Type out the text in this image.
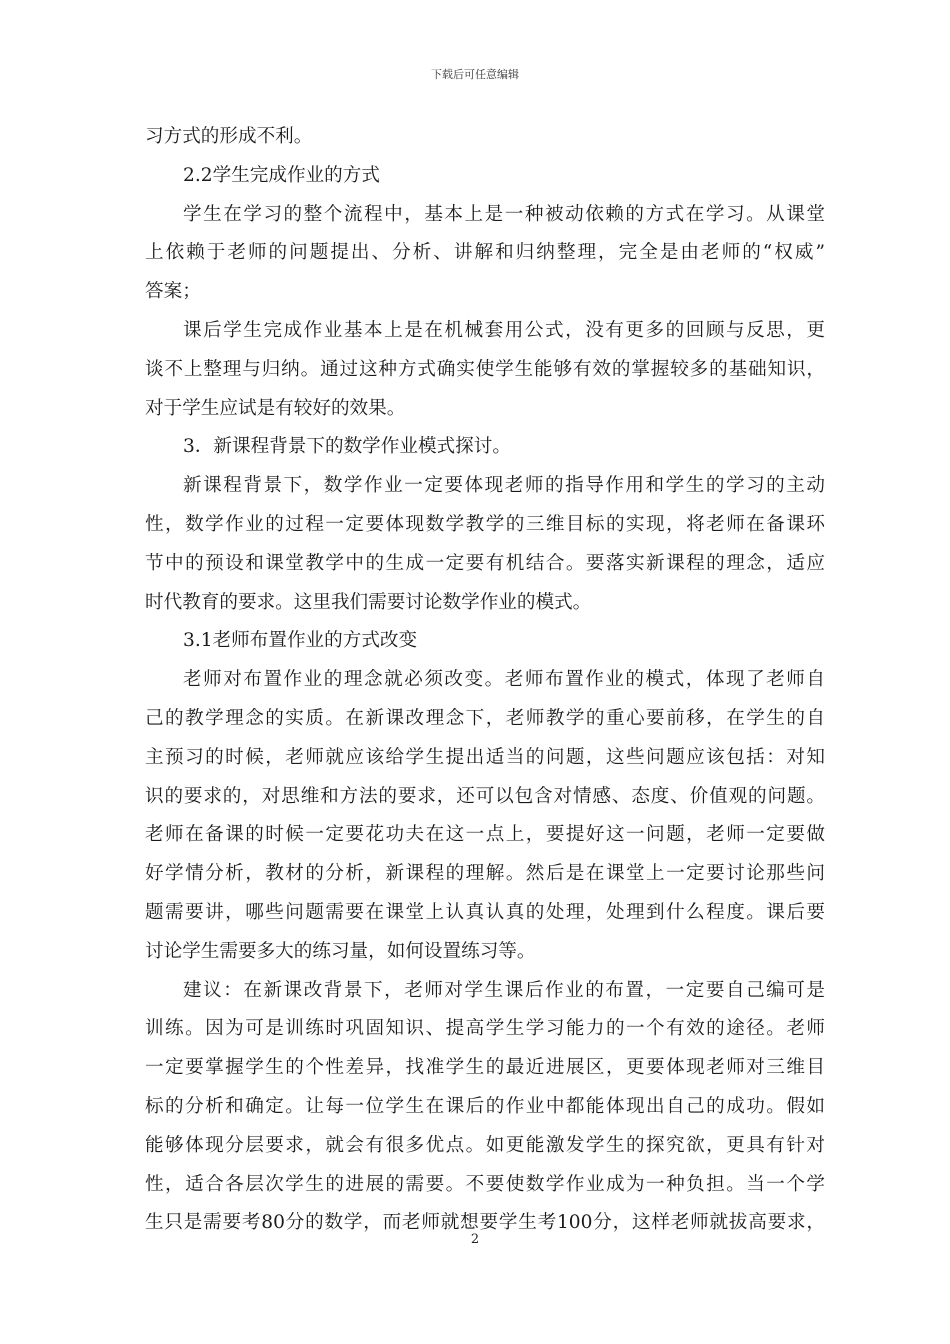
下载后可任意编辑
习方式的形成不利。
2.2学生完成作业的方式
学生在学习的整个流程中，基本上是一种被动依赖的方式在学习。从课堂
上依赖于老师的问题提出、分析、讲解和归纳整理，完全是由老师的“权威”
答案；
课后学生完成作业基本上是在机械套用公式，没有更多的回顾与反思，更
谈不上整理与归纳。通过这种方式确实使学生能够有效的掌握较多的基础知识，
对于学生应试是有较好的效果。
3．新课程背景下的数学作业模式探讨。
新课程背景下，数学作业一定要体现老师的指导作用和学生的学习的主动
性，数学作业的过程一定要体现数学教学的三维目标的实现，将老师在备课环
节中的预设和课堂教学中的生成一定要有机结合。要落实新课程的理念，适应
时代教育的要求。这里我们需要讨论数学作业的模式。
3.1老师布置作业的方式改变
老师对布置作业的理念就必须改变。老师布置作业的模式，体现了老师自
己的教学理念的实质。在新课改理念下，老师教学的重心要前移，在学生的自
主预习的时候，老师就应该给学生提出适当的问题，这些问题应该包括：对知
识的要求的，对思维和方法的要求，还可以包含对情感、态度、价值观的问题。
老师在备课的时候一定要花功夫在这一点上，要提好这一问题，老师一定要做
好学情分析，教材的分析，新课程的理解。然后是在课堂上一定要讨论那些问
题需要讲，哪些问题需要在课堂上认真认真的处理，处理到什么程度。课后要
讨论学生需要多大的练习量，如何设置练习等。
建议：在新课改背景下，老师对学生课后作业的布置，一定要自己编可是
训练。因为可是训练时巩固知识、提高学生学习能力的一个有效的途径。老师
一定要掌握学生的个性差异，找准学生的最近进展区，更要体现老师对三维目
标的分析和确定。让每一位学生在课后的作业中都能体现出自己的成功。假如
能够体现分层要求，就会有很多优点。如更能激发学生的探究欲，更具有针对
性，适合各层次学生的进展的需要。不要使数学作业成为一种负担。当一个学
生只是需要考80分的数学，而老师就想要学生考100分，这样老师就拔高要求，
2
